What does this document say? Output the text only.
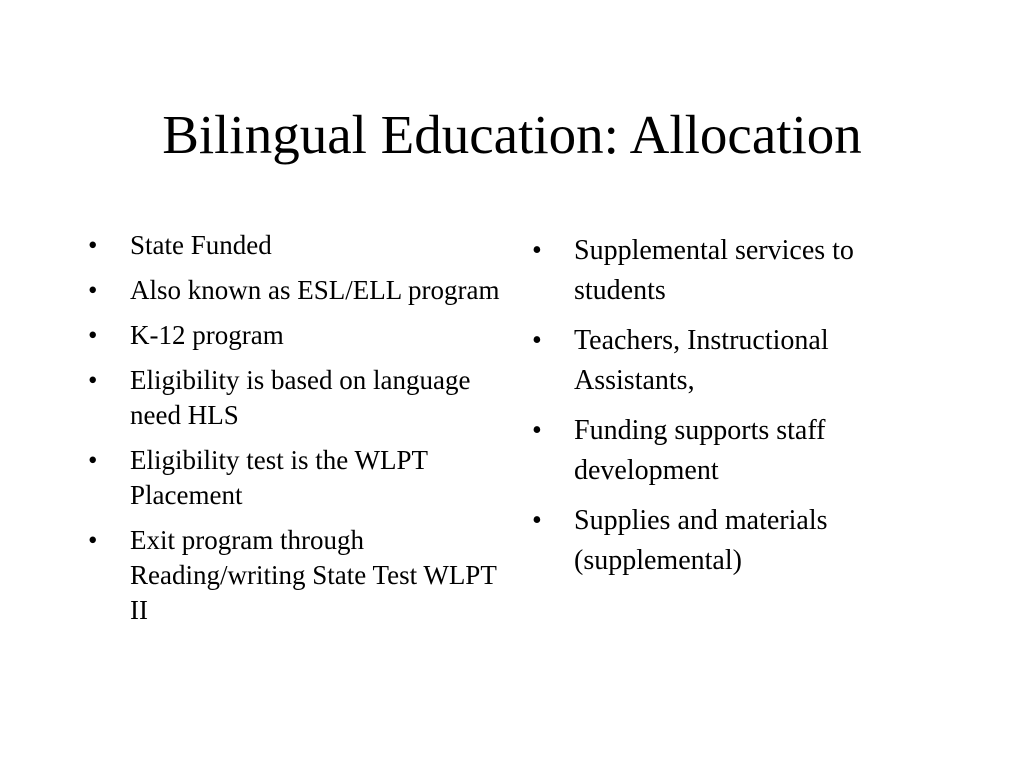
Bilingual Education: Allocation
• State Funded
• Also known as ESL/ELL program
• K-12 program
• Eligibility is based on language need HLS
• Eligibility test is the WLPT  Placement
• Exit program through Reading/writing State Test WLPT II
• Supplemental services to students
• Teachers, Instructional Assistants,
• Funding supports staff development
• Supplies and materials (supplemental)
